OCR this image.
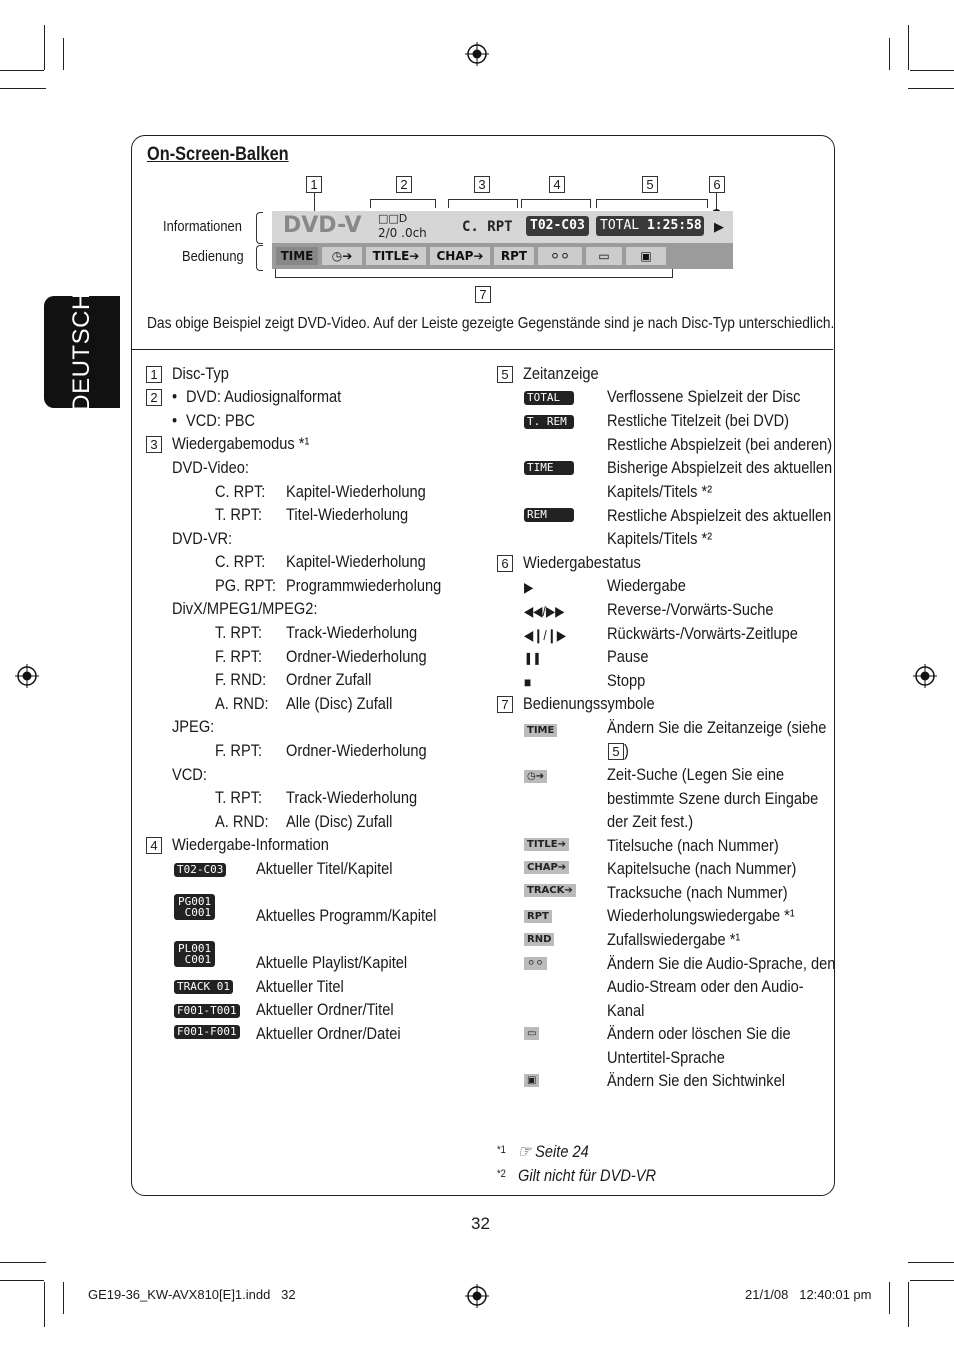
DEUTSCH
On-Screen-Balken
1	2	3	4	5	6
7
Informationen
Bedienung
DVD-V □□D
2/0 .0ch	C. RPT	T02-C03	TOTAL 1:25:58 ▶
TIME	◷➔	TITLE➔	CHAP➔	RPT	⚪⚪	▭	▣
Das obige Beispiel zeigt DVD-Video. Auf der Leiste gezeigte Gegenstände sind je nach Disc-Typ unterschiedlich.
1 Disc-Typ
2 • DVD: Audiosignalformat
• VCD: PBC
3 Wiedergabemodus *¹
DVD-Video:
C. RPT: Kapitel-Wiederholung
T. RPT: Titel-Wiederholung
DVD-VR:
C. RPT: Kapitel-Wiederholung
PG. RPT: Programmwiederholung
DivX/MPEG1/MPEG2:
T. RPT: Track-Wiederholung
F. RPT: Ordner-Wiederholung
F. RND: Ordner Zufall
A. RND: Alle (Disc) Zufall
JPEG:
F. RPT: Ordner-Wiederholung
VCD:
T. RPT: Track-Wiederholung
A. RND: Alle (Disc) Zufall
4 Wiedergabe-Information
T02-C03 Aktueller Titel/Kapitel
PG001
C001	Aktuelles Programm/Kapitel
PL001
C001	Aktuelle Playlist/Kapitel
TRACK 01 Aktueller Titel
F001-T001 Aktueller Ordner/Titel
F001-F001 Aktueller Ordner/Datei
5 Zeitanzeige
TOTAL	Verflossene Spielzeit der Disc
T. REM	Restliche Titelzeit (bei DVD)
Restliche Abspielzeit (bei anderen)
TIME	Bisherige Abspielzeit des aktuellen
Kapitels/Titels *²
REM	Restliche Abspielzeit des aktuellen
Kapitels/Titels *²
6 Wiedergabestatus
▶	Wiedergabe
◀◀/▶▶	Reverse-/Vorwärts-Suche
◀❙/❙▶ Rückwärts-/Vorwärts-Zeitlupe
❚❚	Pause
■	Stopp
7 Bedienungssymbole
TIME	Ändern Sie die Zeitanzeige (siehe
5 )
◷➔	Zeit-Suche (Legen Sie eine
bestimmte Szene durch Eingabe
der Zeit fest.)
TITLE➔ Titelsuche (nach Nummer)
CHAP➔ Kapitelsuche (nach Nummer)
TRACK➔ Tracksuche (nach Nummer)
RPT	Wiederholungswiedergabe *¹
RND	Zufallswiedergabe *¹
⚪⚪	Ändern Sie die Audio-Sprache, den
Audio-Stream oder den Audio-
Kanal
▭	Ändern oder löschen Sie die
Untertitel-Sprache
▣	Ändern Sie den Sichtwinkel
*1 ☞ Seite 24
*2 Gilt nicht für DVD-VR
32
GE19-36_KW-AVX810[E]1.indd   32	21/1/08   12:40:01 pm
